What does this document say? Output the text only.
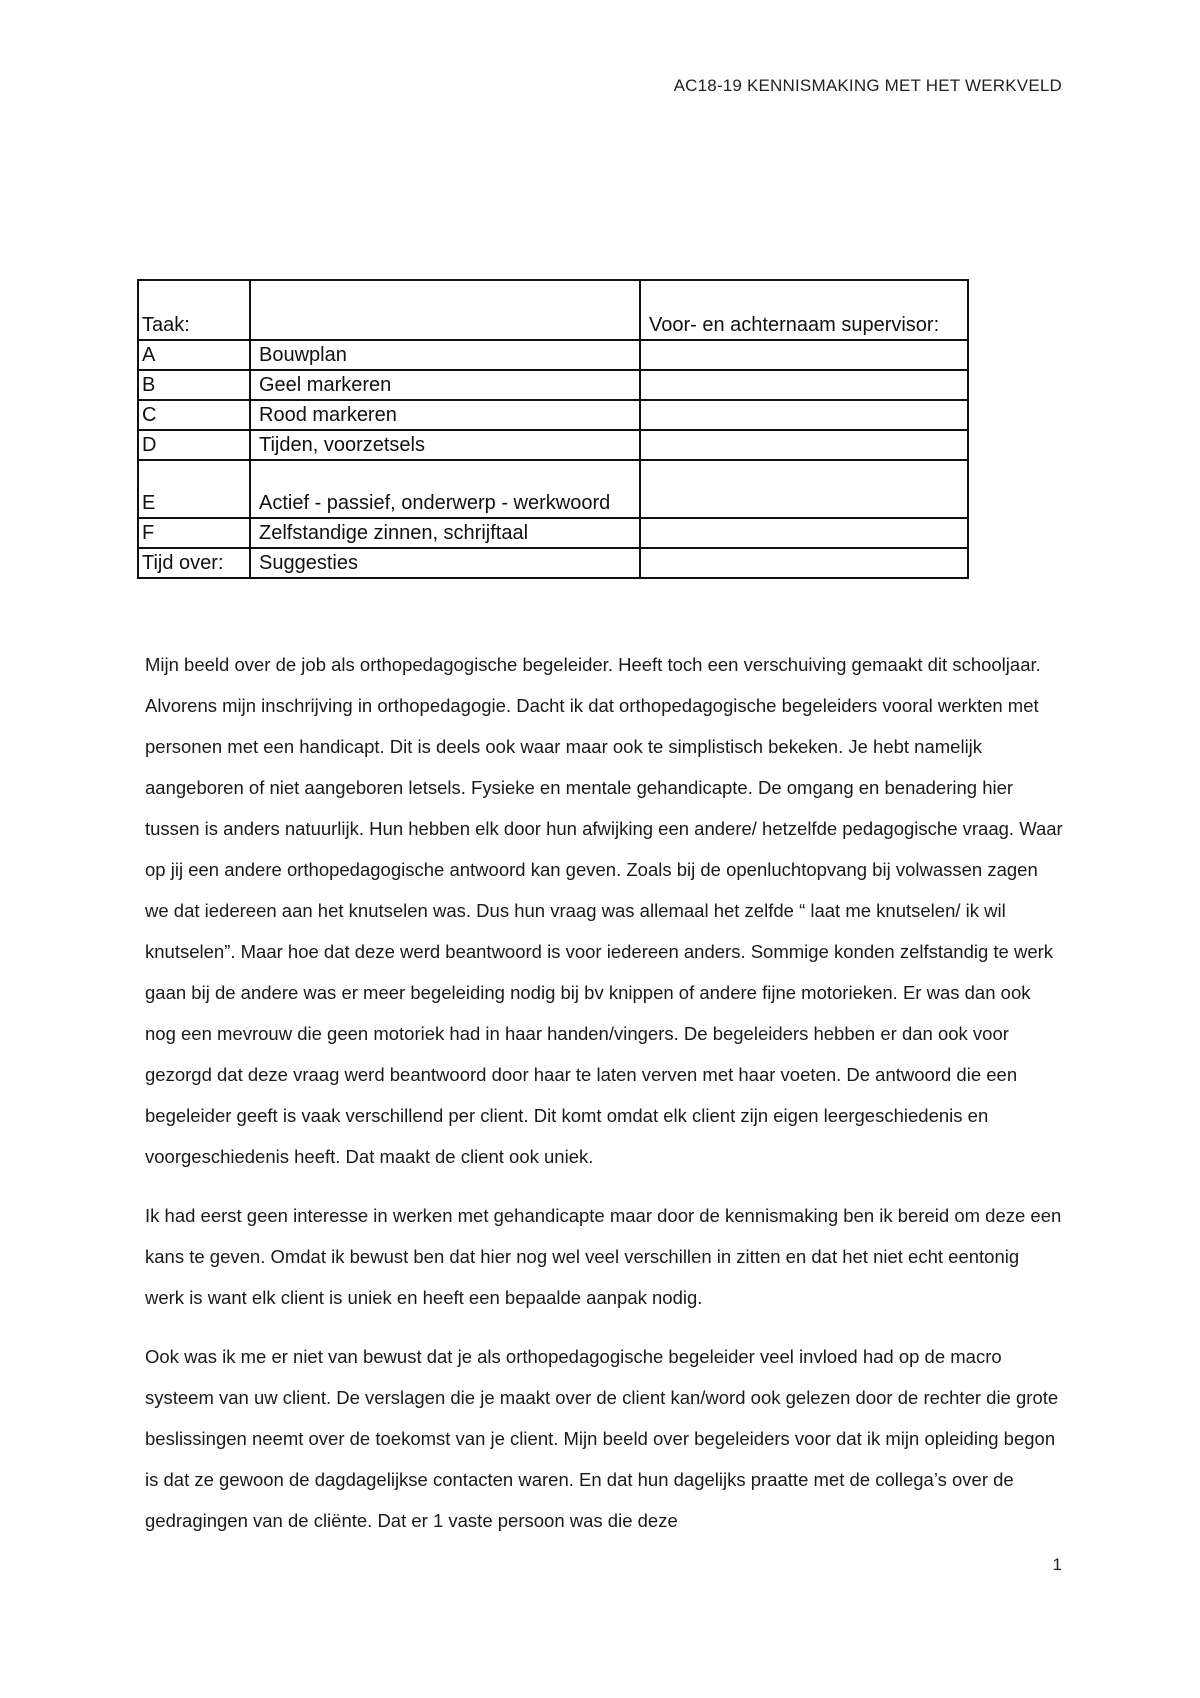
AC18-19 KENNISMAKING MET HET WERKVELD
Taak:		Voor- en achternaam supervisor:
A	Bouwplan	
B	Geel markeren	
C	Rood markeren	
D	Tijden, voorzetsels	
E	Actief - passief, onderwerp - werkwoord	
F	Zelfstandige zinnen, schrijftaal	
Tijd over:	Suggesties	

Mijn beeld over de job als orthopedagogische begeleider. Heeft toch een verschuiving gemaakt dit schooljaar. Alvorens mijn inschrijving in orthopedagogie. Dacht ik dat orthopedagogische begeleiders vooral werkten met personen met een handicapt. Dit is deels ook waar maar ook te simplistisch bekeken. Je hebt namelijk aangeboren of niet aangeboren letsels. Fysieke en mentale gehandicapte. De omgang en benadering hier tussen is anders natuurlijk. Hun hebben elk door hun afwijking een andere/ hetzelfde pedagogische vraag. Waar op jij een andere orthopedagogische antwoord kan geven. Zoals bij de openluchtopvang bij volwassen zagen we dat iedereen aan het knutselen was. Dus hun vraag was allemaal het zelfde “ laat me knutselen/ ik wil knutselen”. Maar hoe dat deze werd beantwoord is voor iedereen anders. Sommige konden zelfstandig te werk gaan bij de andere was er meer begeleiding nodig bij bv knippen of andere fijne motorieken. Er was dan ook nog een mevrouw die geen motoriek had in haar handen/vingers. De begeleiders hebben er dan ook voor gezorgd dat deze vraag werd beantwoord door haar te laten verven met haar voeten. De antwoord die een begeleider geeft is vaak verschillend per client. Dit komt omdat elk client zijn eigen leergeschiedenis en voorgeschiedenis heeft. Dat maakt de client ook uniek.

Ik had eerst geen interesse in werken met gehandicapte maar door de kennismaking ben ik bereid om deze een kans te geven. Omdat ik bewust ben dat hier nog wel veel verschillen in zitten en dat het niet echt eentonig werk is want elk client is uniek en heeft een bepaalde aanpak nodig.

Ook was ik me er niet van bewust dat je als orthopedagogische begeleider veel invloed had op de macro systeem van uw client. De verslagen die je maakt over de client kan/word ook gelezen door de rechter die grote beslissingen neemt over de toekomst van je client. Mijn beeld over begeleiders voor dat ik mijn opleiding begon is dat ze gewoon de dagdagelijkse contacten waren. En dat hun dagelijks praatte met de collega’s over de gedragingen van de cliënte. Dat er 1 vaste persoon was die deze

1
